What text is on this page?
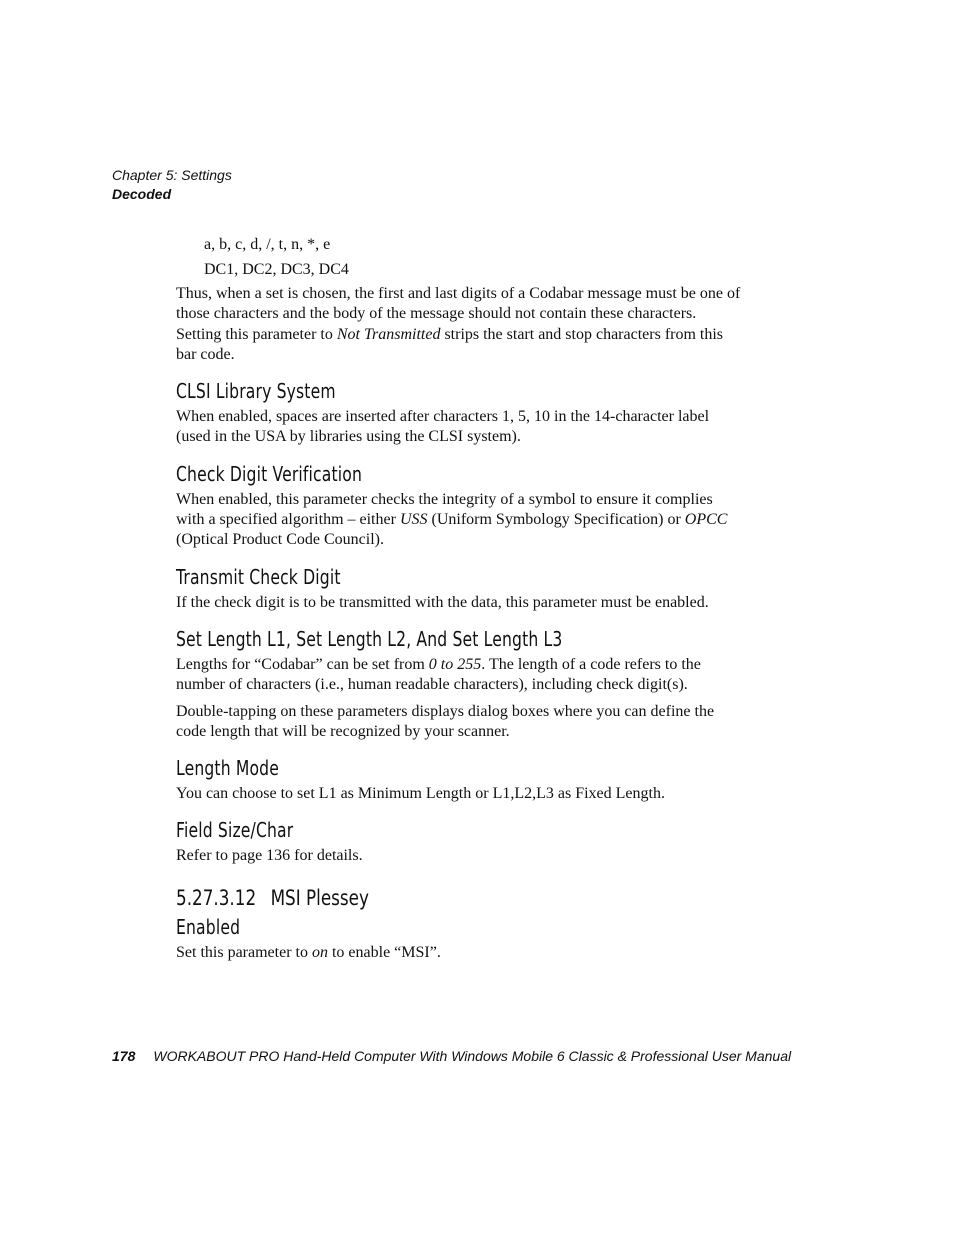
Chapter 5: Settings
Decoded

a, b, c, d, /, t, n, *, e

DC1, DC2, DC3, DC4

Thus, when a set is chosen, the first and last digits of a Codabar message must be one of those characters and the body of the message should not contain these characters. Setting this parameter to Not Transmitted strips the start and stop characters from this bar code.

CLSI Library System

When enabled, spaces are inserted after characters 1, 5, 10 in the 14-character label (used in the USA by libraries using the CLSI system).

Check Digit Verification

When enabled, this parameter checks the integrity of a symbol to ensure it complies with a specified algorithm – either USS (Uniform Symbology Specification) or OPCC (Optical Product Code Council).

Transmit Check Digit

If the check digit is to be transmitted with the data, this parameter must be enabled.

Set Length L1, Set Length L2, And Set Length L3

Lengths for “Codabar” can be set from 0 to 255. The length of a code refers to the number of characters (i.e., human readable characters), including check digit(s).

Double-tapping on these parameters displays dialog boxes where you can define the code length that will be recognized by your scanner.

Length Mode

You can choose to set L1 as Minimum Length or L1,L2,L3 as Fixed Length.

Field Size/Char

Refer to page 136 for details.

5.27.3.12 MSI Plessey
Enabled

Set this parameter to on to enable “MSI”.

178 WORKABOUT PRO Hand-Held Computer With Windows Mobile 6 Classic & Professional User Manual
